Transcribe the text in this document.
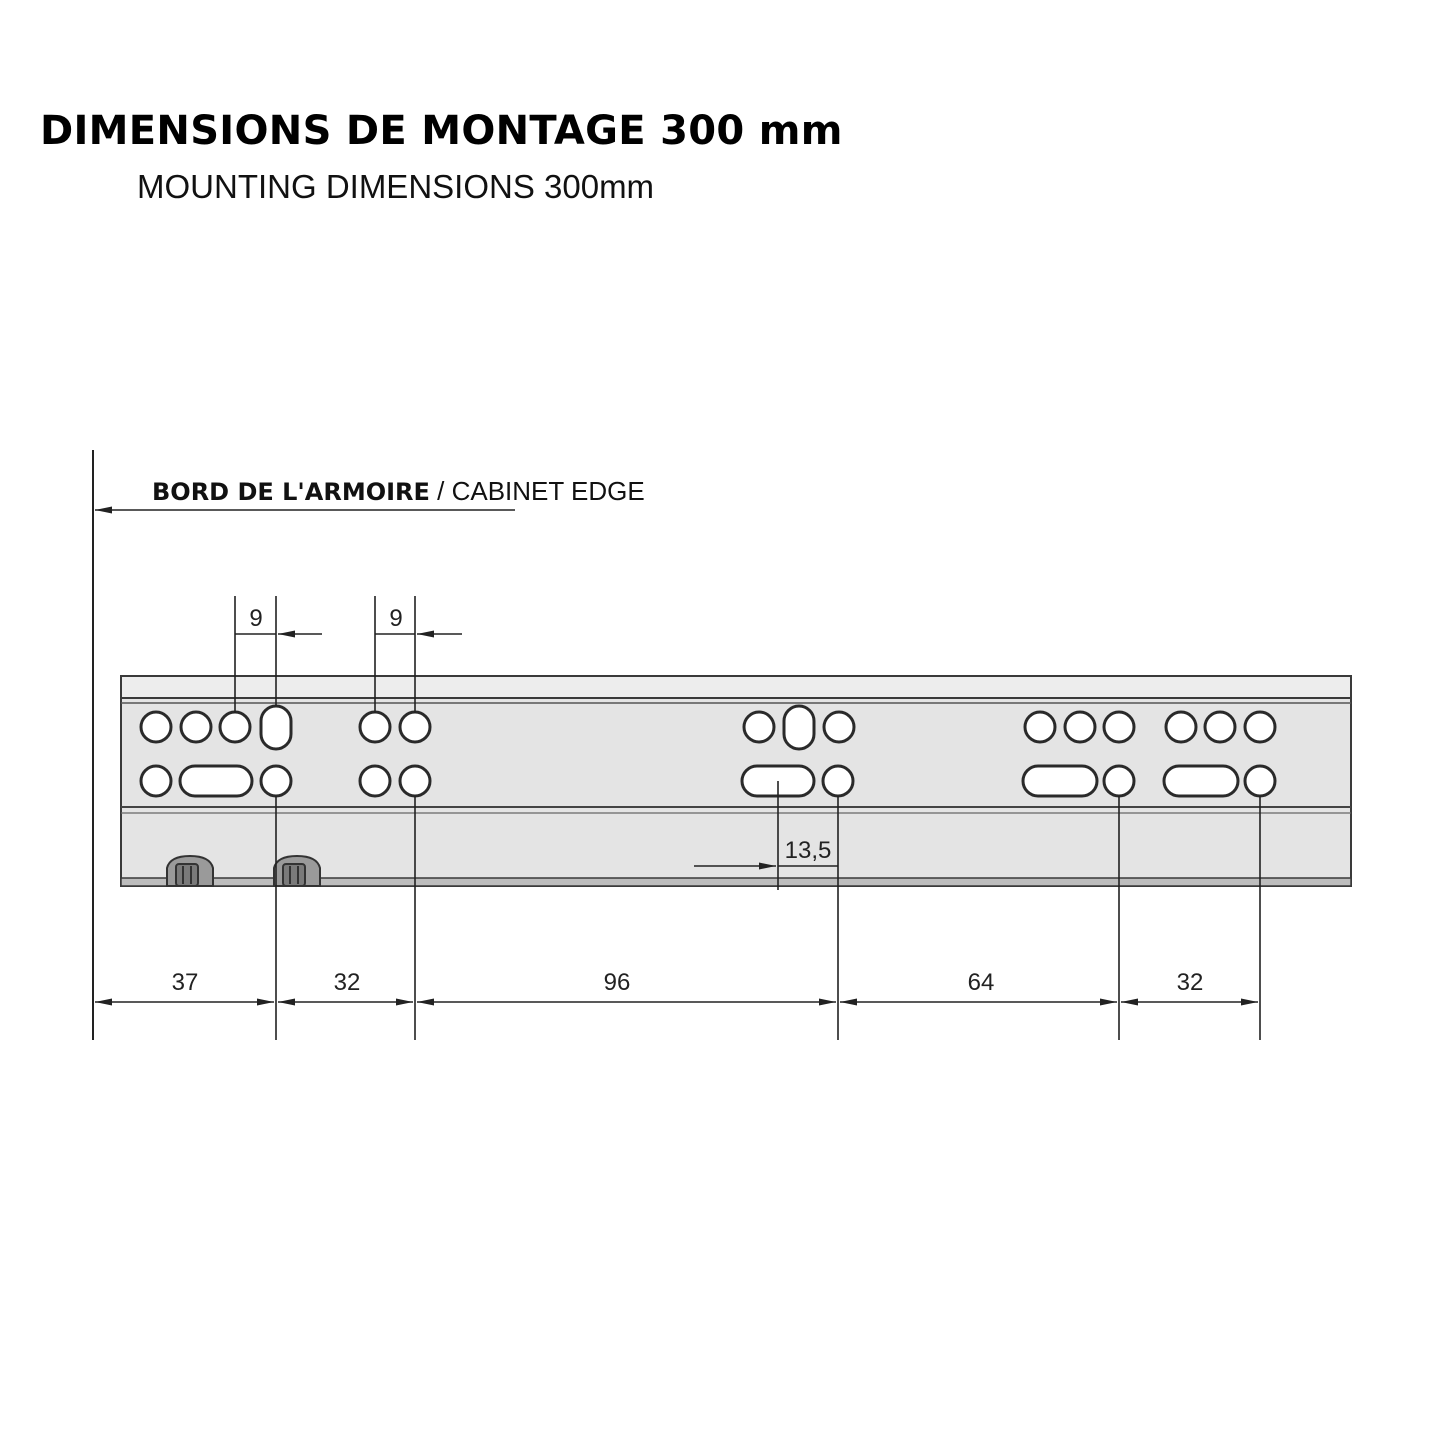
DIMENSIONS DE MONTAGE 300 mm
MOUNTING DIMENSIONS 300mm
BORD DE L'ARMOIRE / CABINET EDGE
9	9
13,5
37	32	96	64	32
